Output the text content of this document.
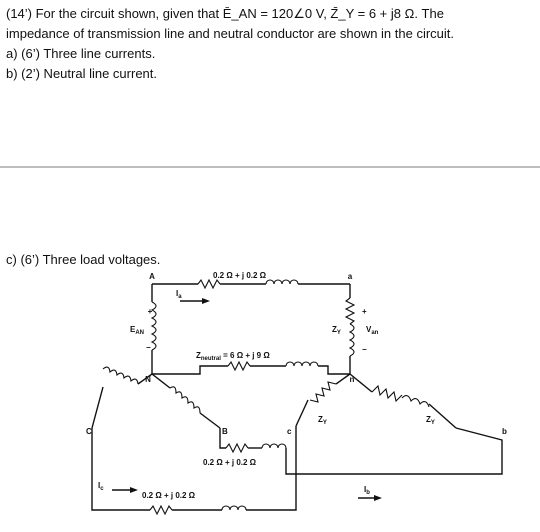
(14’) For the circuit shown, given that Ē_AN = 120∠0 V, Z̄_Y = 6 + j8 Ω. The

impedance of transmission line and neutral conductor are shown in the circuit.

a) (6’) Three line currents.

b) (2’) Neutral line current.

c) (6’) Three load voltages.

A	a
N	n
C	B	c	b
0.2 Ω + j 0.2 Ω
0.2 Ω + j 0.2 Ω
0.2 Ω + j 0.2 Ω
$Z_{neutral} = 6$ Ω + j 9 Ω
$I_a$
$I_b$
$I_c$
$E_{AN}$
+
−
$Z_Y$
$Z_Y$	$Z_Y$
$V_{an}$
+
−
